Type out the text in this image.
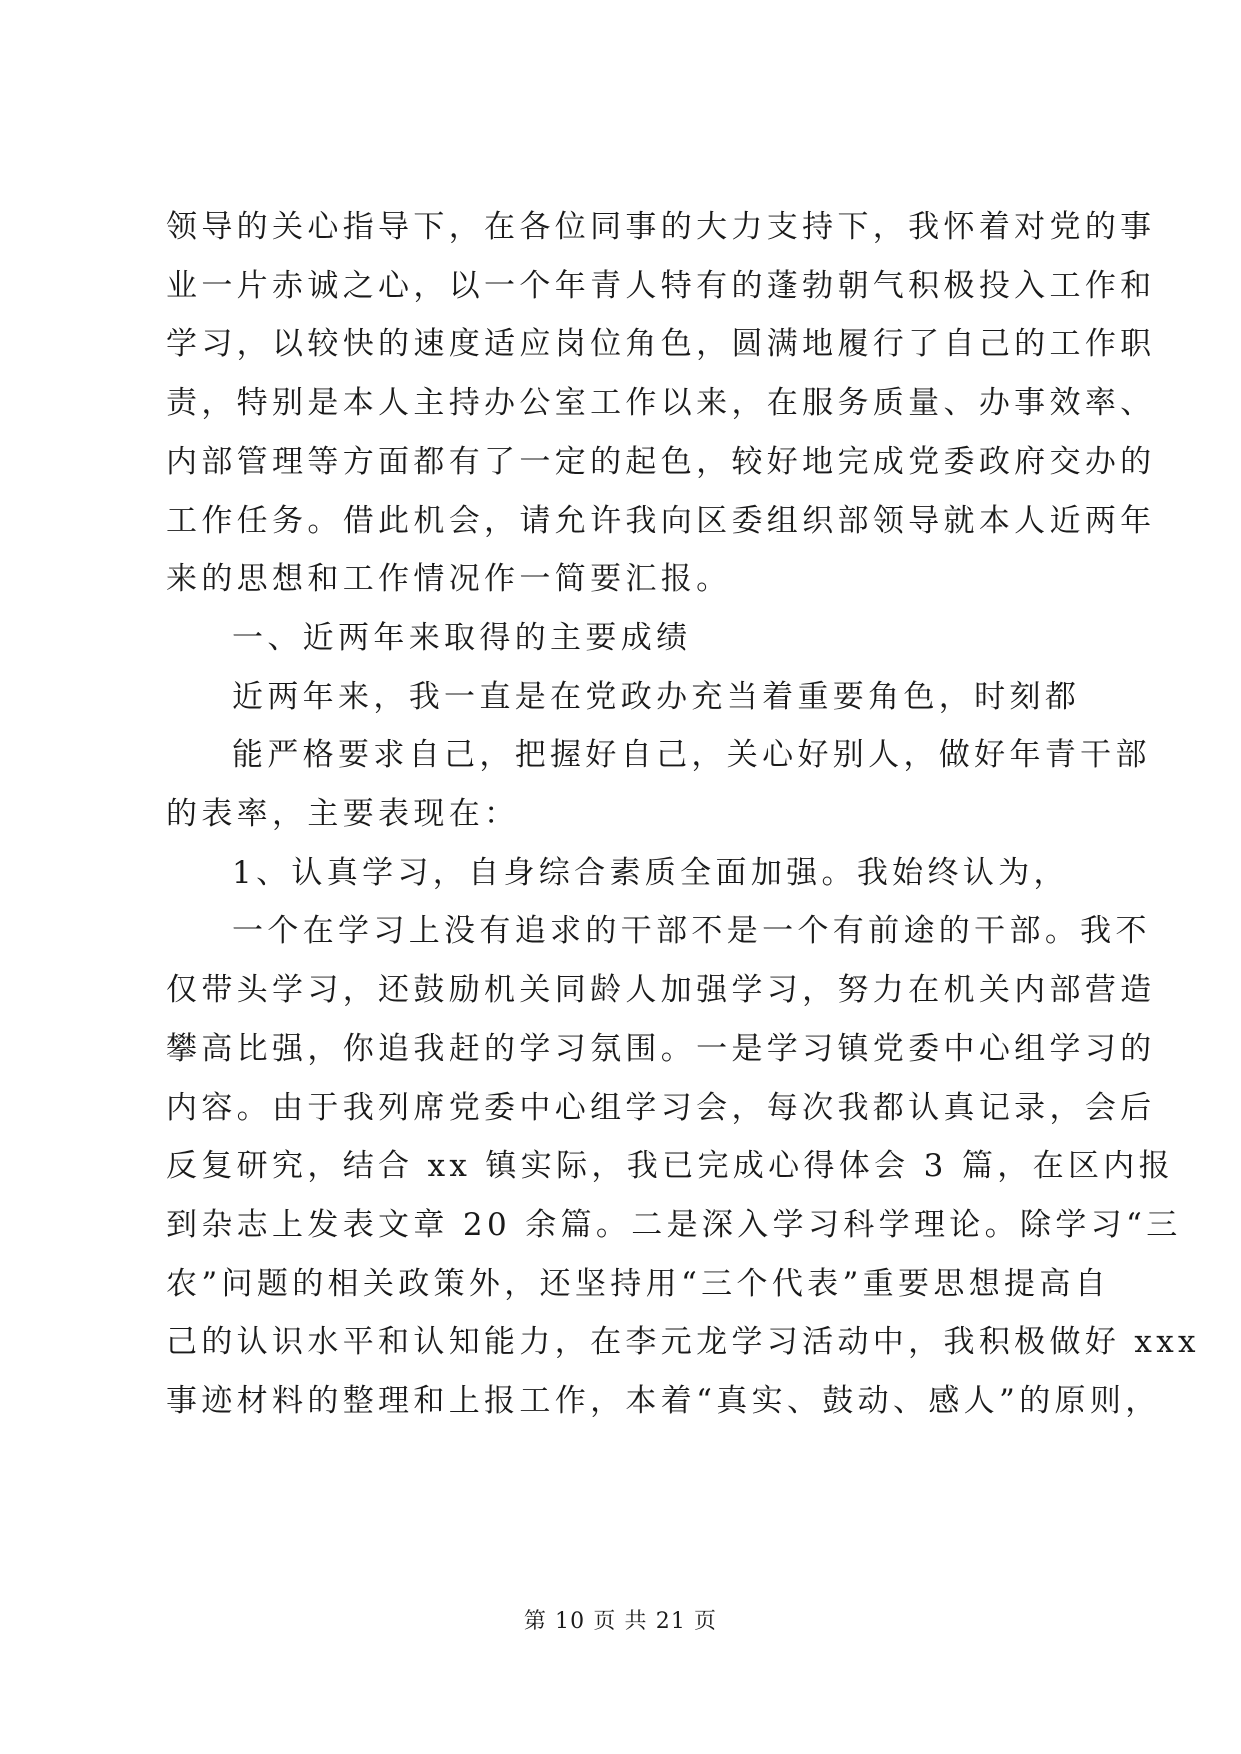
领导的关心指导下，在各位同事的大力支持下，我怀着对党的事
业一片赤诚之心，以一个年青人特有的蓬勃朝气积极投入工作和
学习，以较快的速度适应岗位角色，圆满地履行了自己的工作职
责，特别是本人主持办公室工作以来，在服务质量、办事效率、
内部管理等方面都有了一定的起色，较好地完成党委政府交办的
工作任务。借此机会，请允许我向区委组织部领导就本人近两年
来的思想和工作情况作一简要汇报。
一、近两年来取得的主要成绩
近两年来，我一直是在党政办充当着重要角色，时刻都
能严格要求自己，把握好自己，关心好别人，做好年青干部
的表率，主要表现在：
1、认真学习，自身综合素质全面加强。我始终认为，
一个在学习上没有追求的干部不是一个有前途的干部。我不
仅带头学习，还鼓励机关同龄人加强学习，努力在机关内部营造
攀高比强，你追我赶的学习氛围。一是学习镇党委中心组学习的
内容。由于我列席党委中心组学习会，每次我都认真记录，会后
反复研究，结合 xx 镇实际，我已完成心得体会 3 篇，在区内报
到杂志上发表文章 20 余篇。二是深入学习科学理论。除学习“三
农”问题的相关政策外，还坚持用“三个代表”重要思想提高自
己的认识水平和认知能力，在李元龙学习活动中，我积极做好 xxx
事迹材料的整理和上报工作，本着“真实、鼓动、感人”的原则，
第 10 页 共 21 页
